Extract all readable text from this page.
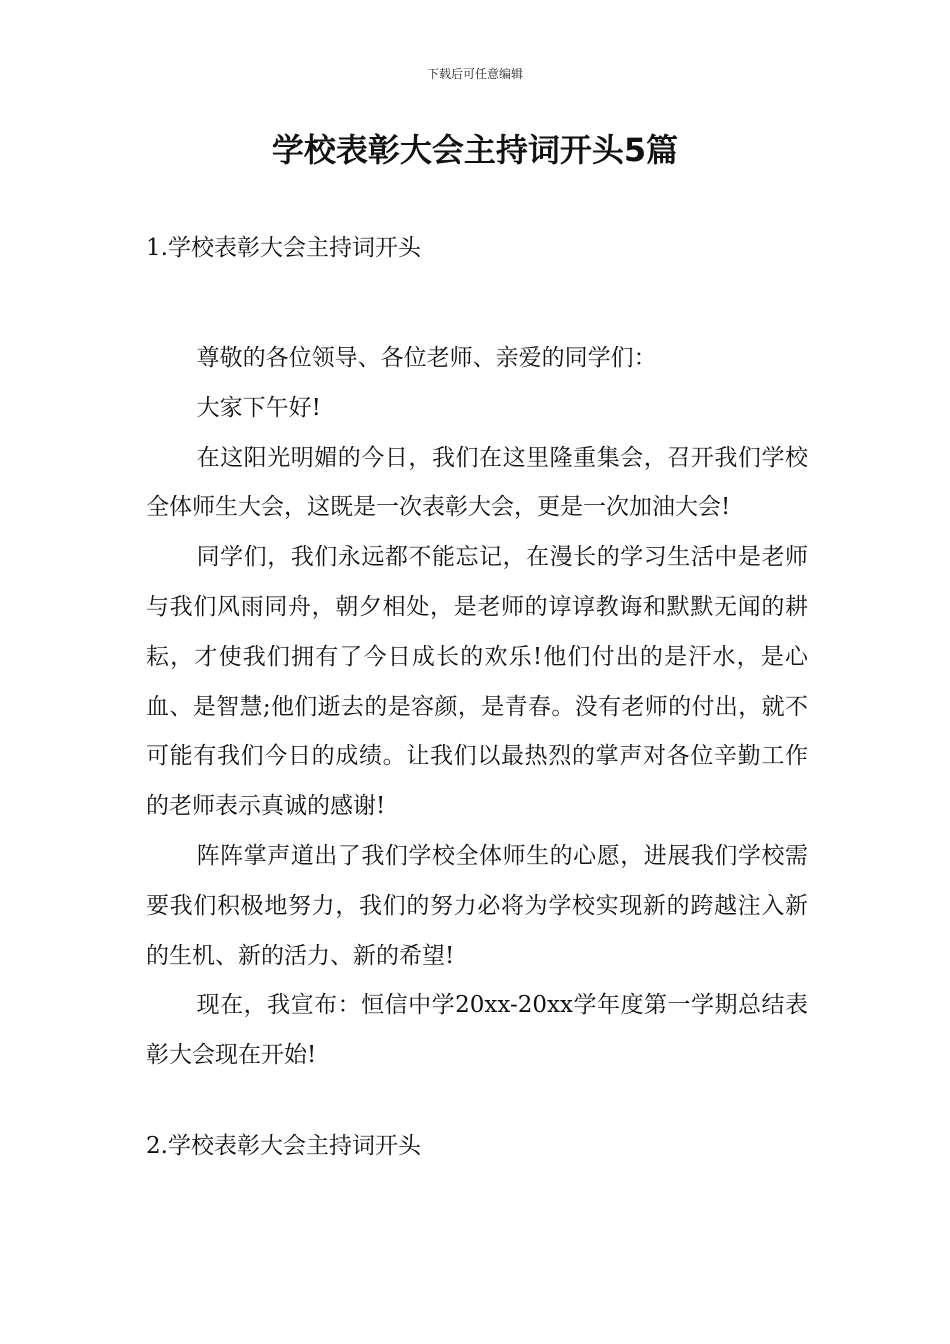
下载后可任意编辑
学校表彰大会主持词开头5篇
1.学校表彰大会主持词开头

尊敬的各位领导、各位老师、亲爱的同学们：

大家下午好!

在这阳光明媚的今日，我们在这里隆重集会，召开我们学校全体师生大会，这既是一次表彰大会，更是一次加油大会!

同学们，我们永远都不能忘记，在漫长的学习生活中是老师与我们风雨同舟，朝夕相处，是老师的谆谆教诲和默默无闻的耕耘，才使我们拥有了今日成长的欢乐!他们付出的是汗水，是心血、是智慧;他们逝去的是容颜，是青春。没有老师的付出，就不可能有我们今日的成绩。让我们以最热烈的掌声对各位辛勤工作的老师表示真诚的感谢!

阵阵掌声道出了我们学校全体师生的心愿，进展我们学校需要我们积极地努力，我们的努力必将为学校实现新的跨越注入新的生机、新的活力、新的希望!

现在，我宣布：恒信中学20xx-20xx学年度第一学期总结表彰大会现在开始!

2.学校表彰大会主持词开头
